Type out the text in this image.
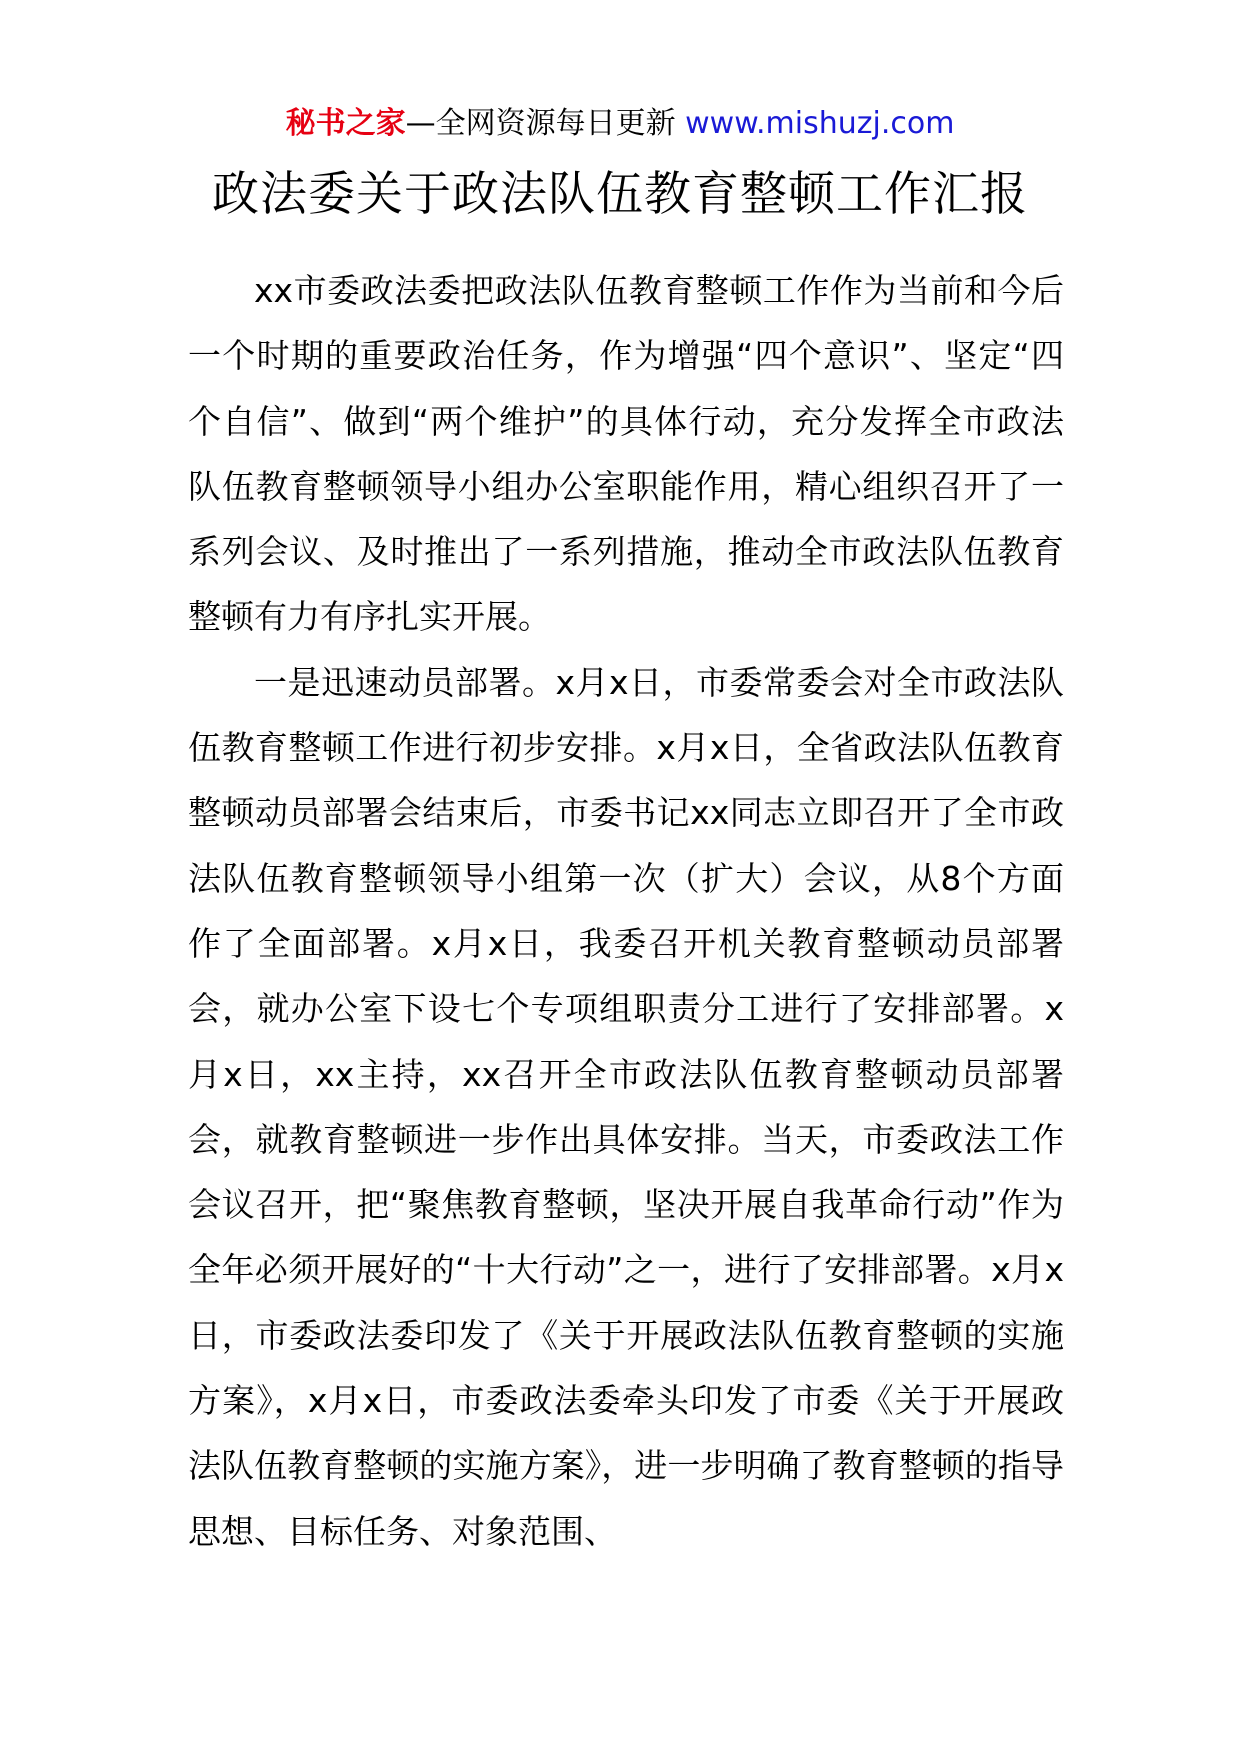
秘书之家—全网资源每日更新 www.mishuzj.com
政法委关于政法队伍教育整顿工作汇报

xx市委政法委把政法队伍教育整顿工作作为当前和今后一个时期的重要政治任务，作为增强“四个意识”、坚定“四个自信”、做到“两个维护”的具体行动，充分发挥全市政法队伍教育整顿领导小组办公室职能作用，精心组织召开了一系列会议、及时推出了一系列措施，推动全市政法队伍教育整顿有力有序扎实开展。

一是迅速动员部署。x月x日，市委常委会对全市政法队伍教育整顿工作进行初步安排。x月x日，全省政法队伍教育整顿动员部署会结束后，市委书记xx同志立即召开了全市政法队伍教育整顿领导小组第一次（扩大）会议，从8个方面作了全面部署。x月x日，我委召开机关教育整顿动员部署会，就办公室下设七个专项组职责分工进行了安排部署。x月x日，xx主持，xx召开全市政法队伍教育整顿动员部署会，就教育整顿进一步作出具体安排。当天，市委政法工作会议召开，把“聚焦教育整顿，坚决开展自我革命行动”作为全年必须开展好的“十大行动”之一，进行了安排部署。x月x日，市委政法委印发了《关于开展政法队伍教育整顿的实施方案》，x月x日，市委政法委牵头印发了市委《关于开展政法队伍教育整顿的实施方案》，进一步明确了教育整顿的指导思想、目标任务、对象范围、
